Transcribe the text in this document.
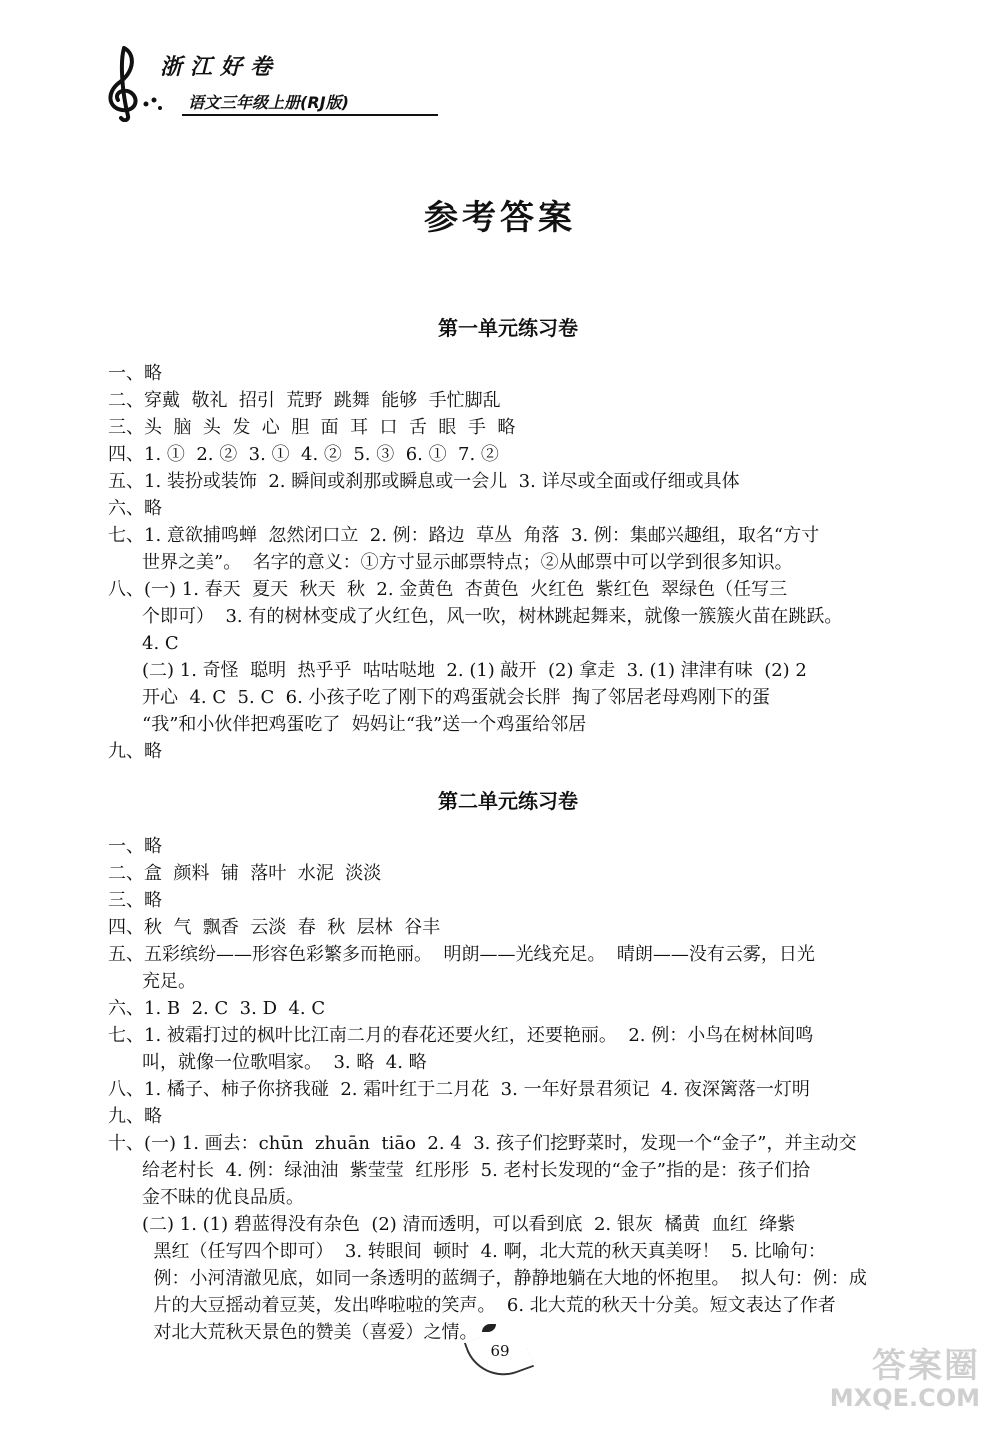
浙江好卷
语文三年级上册(RJ版)
参考答案
第一单元练习卷

一、略

二、穿戴  敬礼  招引  荒野  跳舞  能够  手忙脚乱

三、头  脑  头  发  心  胆  面  耳  口  舌  眼  手  略

四、1. ①  2. ②  3. ①  4. ②  5. ③  6. ①  7. ②

五、1. 装扮或装饰  2. 瞬间或刹那或瞬息或一会儿  3. 详尽或全面或仔细或具体

六、略

七、1. 意欲捕鸣蝉  忽然闭口立  2. 例：路边  草丛  角落  3. 例：集邮兴趣组，取名“方寸

世界之美”。  名字的意义：①方寸显示邮票特点；②从邮票中可以学到很多知识。

八、(一) 1. 春天  夏天  秋天  秋  2. 金黄色  杏黄色  火红色  紫红色  翠绿色（任写三

个即可）  3. 有的树林变成了火红色，风一吹，树林跳起舞来，就像一簇簇火苗在跳跃。

4. C

(二) 1. 奇怪  聪明  热乎乎  咕咕哒地  2. (1) 敲开  (2) 拿走  3. (1) 津津有味  (2) 2

开心  4. C  5. C  6. 小孩子吃了刚下的鸡蛋就会长胖  掏了邻居老母鸡刚下的蛋

“我”和小伙伴把鸡蛋吃了  妈妈让“我”送一个鸡蛋给邻居

九、略

第二单元练习卷

一、略

二、盒  颜料  铺  落叶  水泥  淡淡

三、略

四、秋  气  飘香  云淡  春  秋  层林  谷丰

五、五彩缤纷——形容色彩繁多而艳丽。  明朗——光线充足。  晴朗——没有云雾，日光

充足。

六、1. B  2. C  3. D  4. C

七、1. 被霜打过的枫叶比江南二月的春花还要火红，还要艳丽。  2. 例：小鸟在树林间鸣

叫，就像一位歌唱家。  3. 略  4. 略

八、1. 橘子、柿子你挤我碰  2. 霜叶红于二月花  3. 一年好景君须记  4. 夜深篱落一灯明

九、略

十、(一) 1. 画去：chūn  zhuān  tiāo  2. 4  3. 孩子们挖野菜时，发现一个“金子”，并主动交

给老村长  4. 例：绿油油  紫莹莹  红彤彤  5. 老村长发现的“金子”指的是：孩子们拾

金不昧的优良品质。

(二) 1. (1) 碧蓝得没有杂色  (2) 清而透明，可以看到底  2. 银灰  橘黄  血红  绛紫

黑红（任写四个即可）  3. 转眼间  顿时  4. 啊，北大荒的秋天真美呀！  5. 比喻句：

例：小河清澈见底，如同一条透明的蓝绸子，静静地躺在大地的怀抱里。  拟人句：例：成

片的大豆摇动着豆荚，发出哗啦啦的笑声。  6. 北大荒的秋天十分美。短文表达了作者

对北大荒秋天景色的赞美（喜爱）之情。

69	答案圈
MXQE.COM
